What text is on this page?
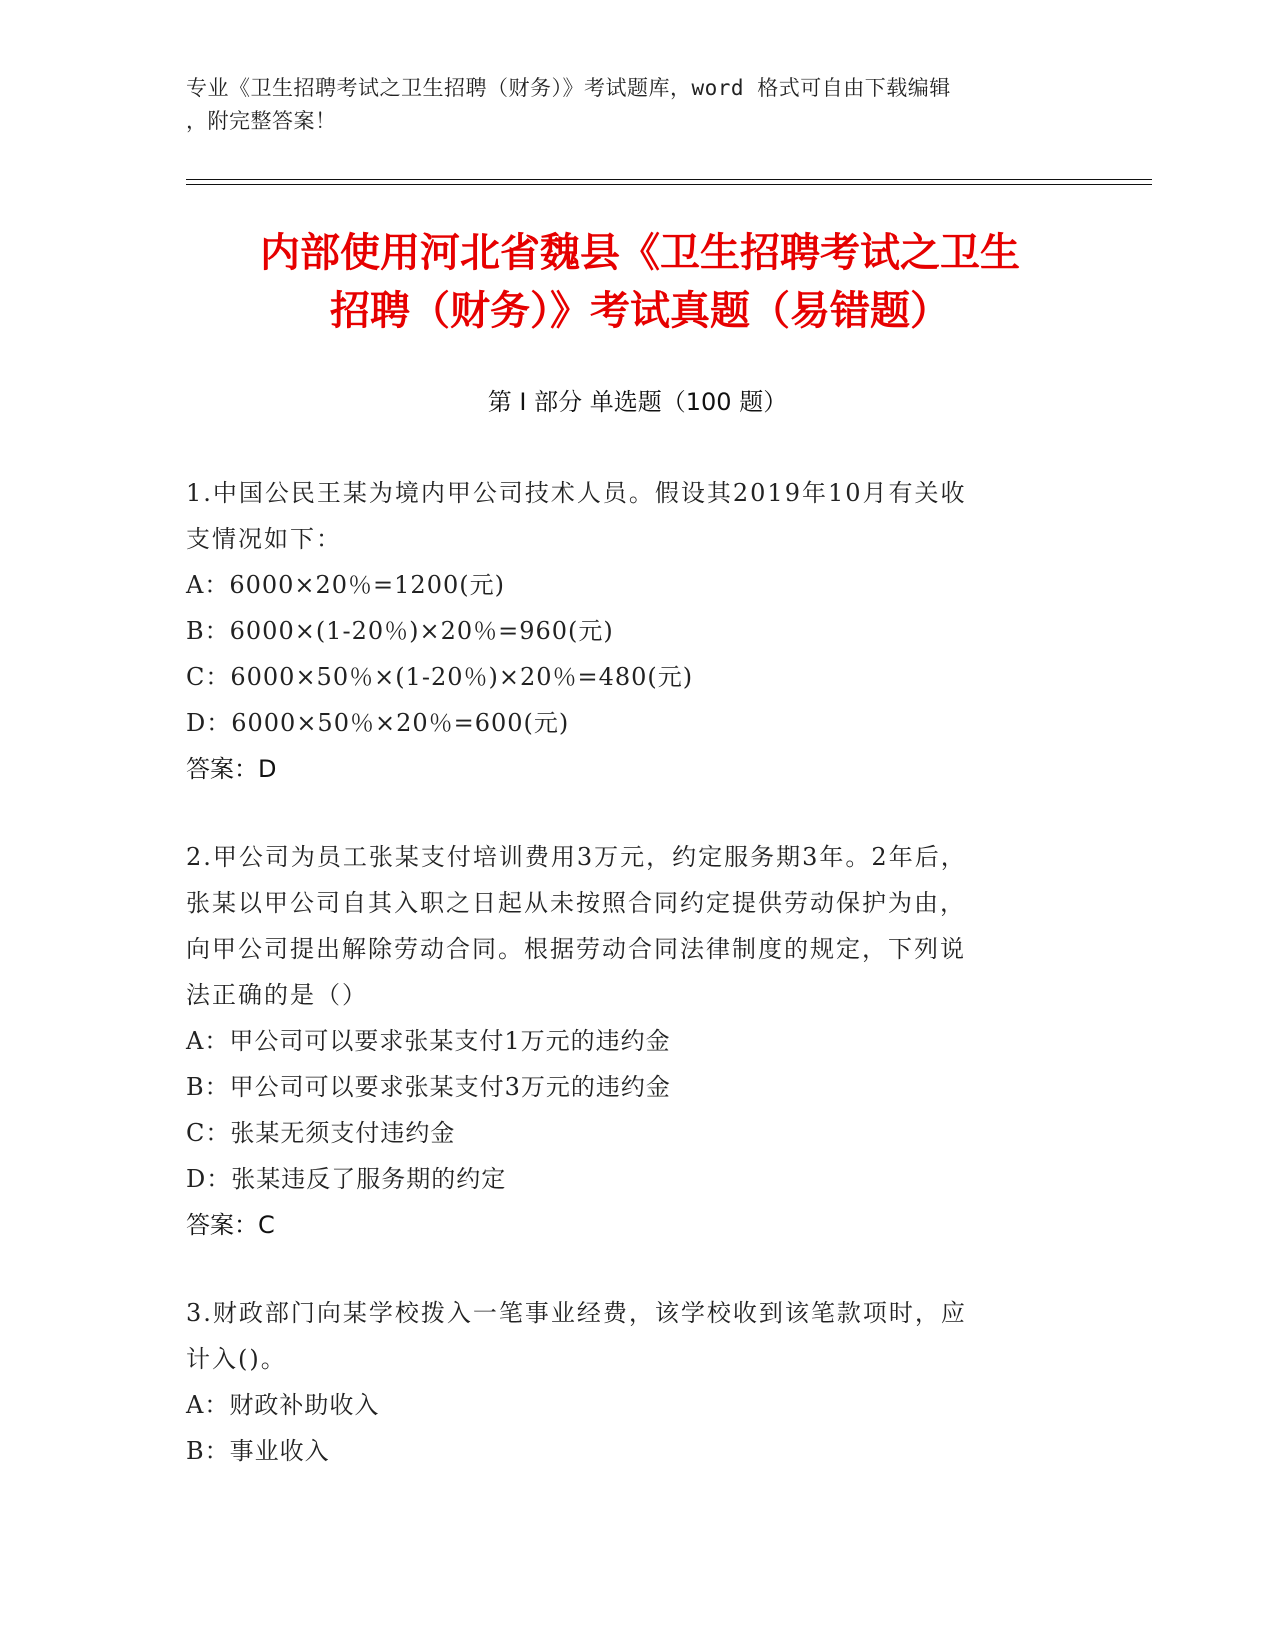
专业《卫生招聘考试之卫生招聘（财务）》考试题库，word 格式可自由下载编辑
，附完整答案！
内部使用河北省魏县《卫生招聘考试之卫生
招聘（财务）》考试真题（易错题）
第 I 部分 单选题（100 题）
1.中国公民王某为境内甲公司技术人员。假设其2019年10月有关收
支情况如下：
A：6000×20％=1200(元)
B：6000×(1-20％)×20％=960(元)
C：6000×50％×(1-20％)×20％=480(元)
D：6000×50％×20％=600(元)
答案：D
2.甲公司为员工张某支付培训费用3万元，约定服务期3年。2年后，
张某以甲公司自其入职之日起从未按照合同约定提供劳动保护为由，
向甲公司提出解除劳动合同。根据劳动合同法律制度的规定，下列说
法正确的是（）
A：甲公司可以要求张某支付1万元的违约金
B：甲公司可以要求张某支付3万元的违约金
C：张某无须支付违约金
D：张某违反了服务期的约定
答案：C
3.财政部门向某学校拨入一笔事业经费，该学校收到该笔款项时，应
计入()。
A：财政补助收入
B：事业收入
